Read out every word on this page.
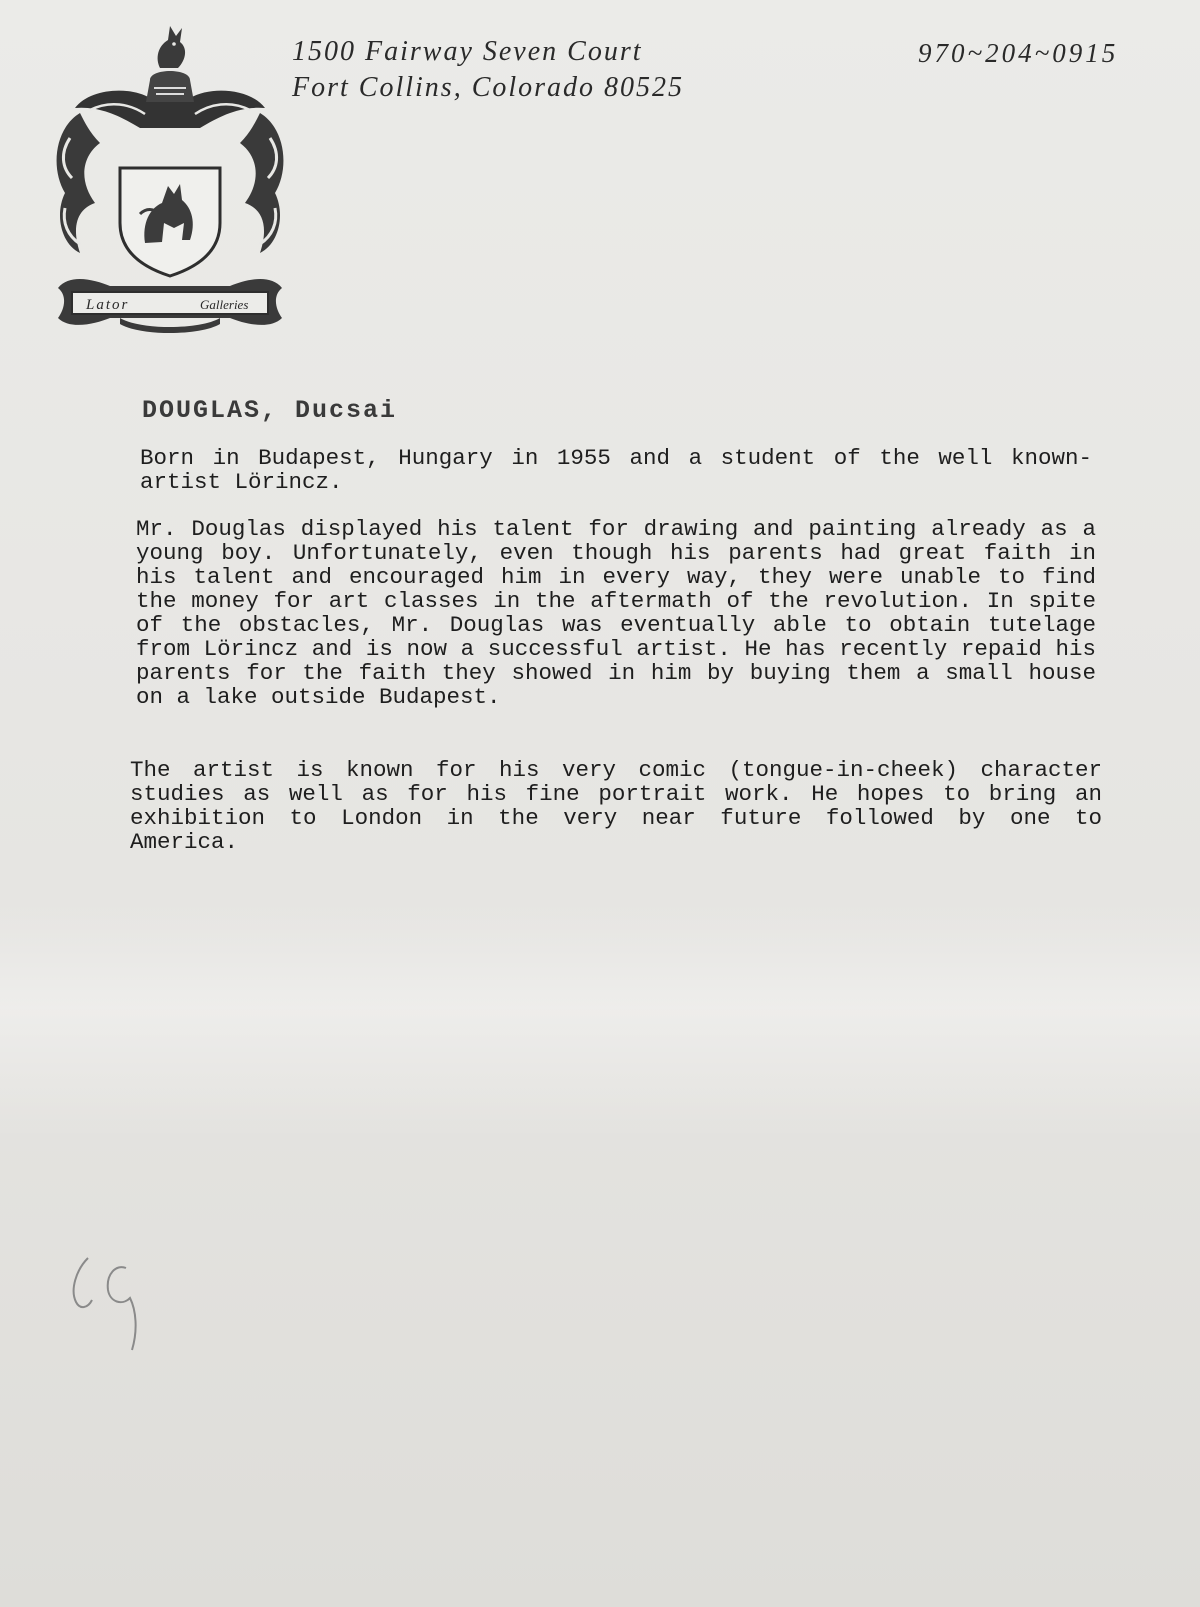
Lator	Galleries
1500 Fairway Seven Court
Fort Collins, Colorado 80525
970~204~0915
DOUGLAS, Ducsai
Born in Budapest, Hungary in 1955 and a student of the well known-artist Lörincz.
Mr. Douglas displayed his talent for drawing and painting already as a young boy. Unfortunately, even though his parents had great faith in his talent and encouraged him in every way, they were unable to find the money for art classes in the aftermath of the revolution. In spite of the obstacles, Mr. Douglas was eventually able to obtain tutelage from Lörincz and is now a successful artist. He has recently repaid his parents for the faith they showed in him by buying them a small house on a lake outside Budapest.
The artist is known for his very comic (tongue-in-cheek) character studies as well as for his fine portrait work. He hopes to bring an exhibition to London in the very near future followed by one to America.
